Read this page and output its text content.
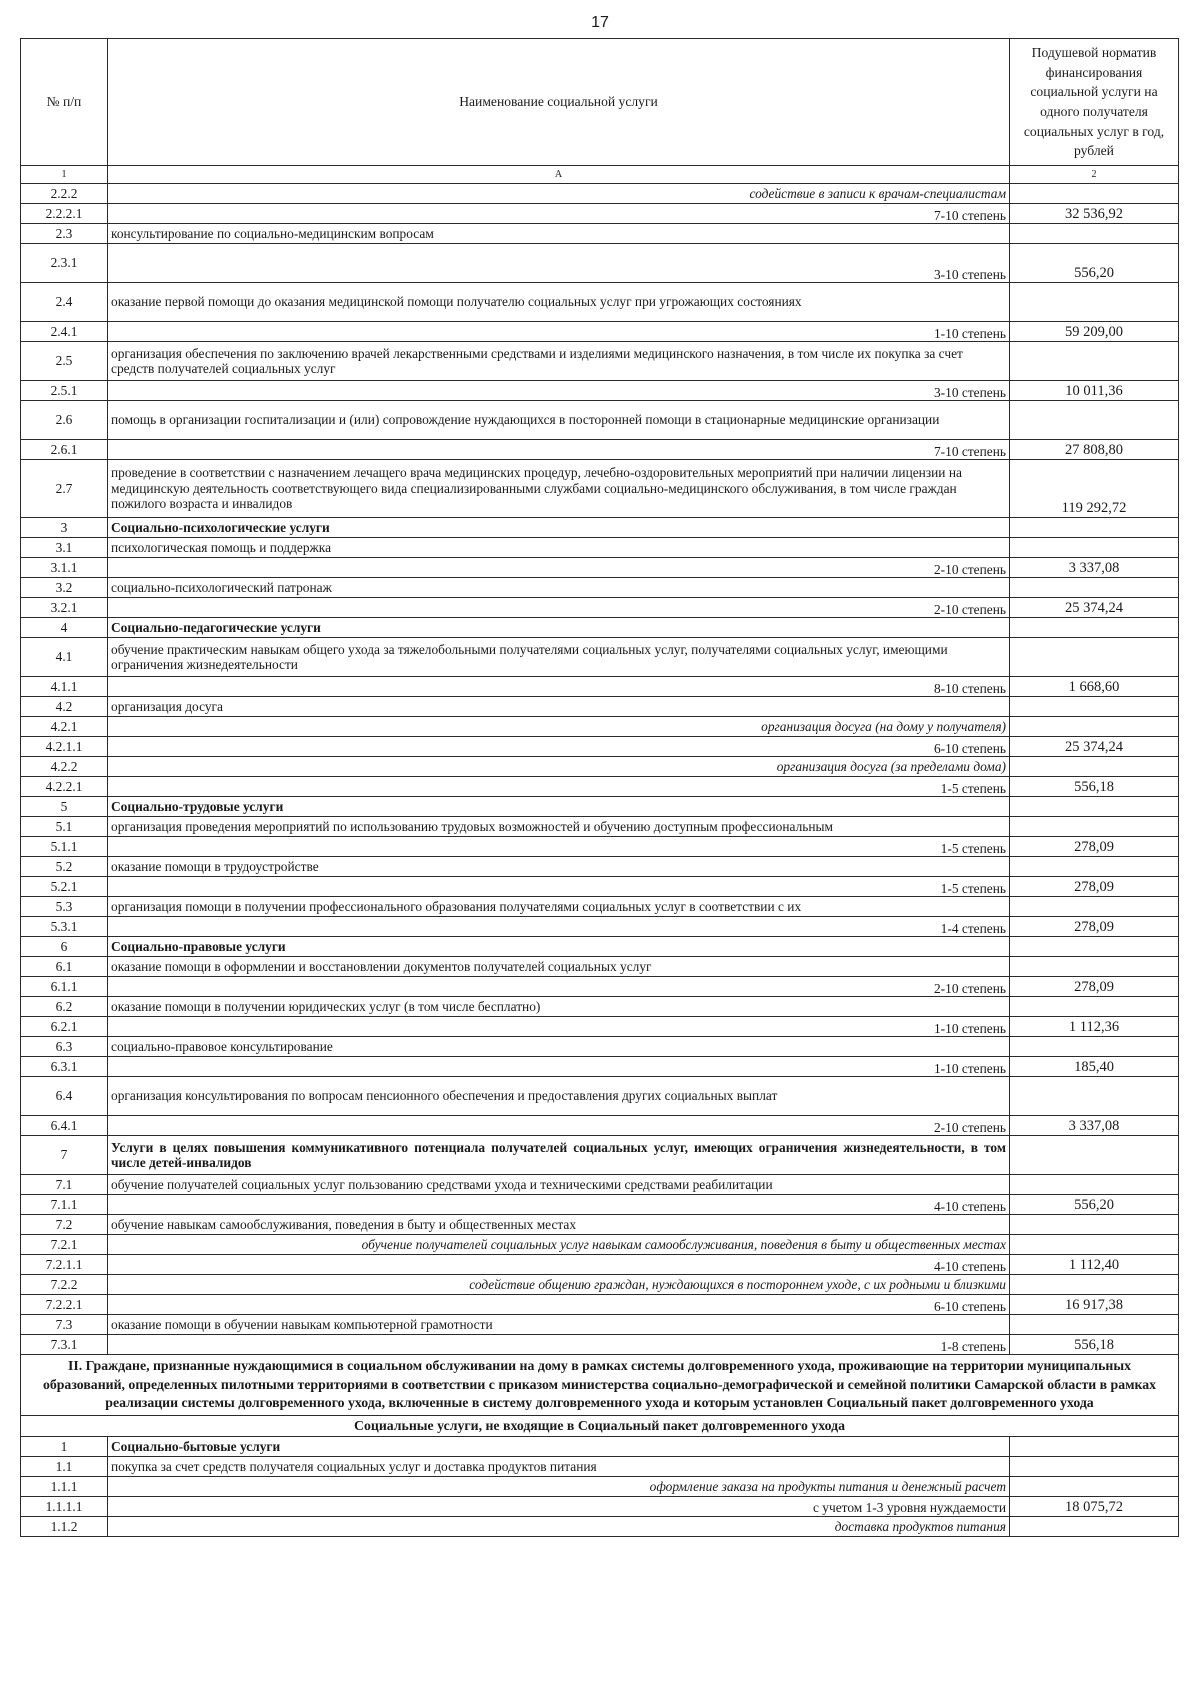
17
№ п/п	Наименование социальной услуги	Подушевой норматив финансирования социальной услуги на одного получателя социальных услуг в год, рублей
1	А	2
2.2.2	содействие в записи к врачам-специалистам	
2.2.2.1	7-10 степень	32 536,92
2.3	консультирование по социально-медицинским вопросам	
2.3.1	3-10 степень	556,20
2.4	оказание первой помощи до оказания медицинской помощи получателю социальных услуг при угрожающих состояниях	
2.4.1	1-10 степень	59 209,00
2.5	организация обеспечения по заключению врачей лекарственными средствами и изделиями медицинского назначения, в том числе их покупка за счет средств получателей социальных услуг	
2.5.1	3-10 степень	10 011,36
2.6	помощь в организации госпитализации и (или) сопровождение нуждающихся в посторонней помощи в стационарные медицинские организации	
2.6.1	7-10 степень	27 808,80
2.7	проведение в соответствии с назначением лечащего врача медицинских процедур, лечебно-оздоровительных мероприятий при наличии лицензии на медицинскую деятельность соответствующего вида специализированными службами социально-медицинского обслуживания, в том числе граждан пожилого возраста и инвалидов	119 292,72
3	Социально-психологические услуги	
3.1	психологическая помощь и поддержка	
3.1.1	2-10 степень	3 337,08
3.2	социально-психологический патронаж	
3.2.1	2-10 степень	25 374,24
4	Социально-педагогические услуги	
4.1	обучение практическим навыкам общего ухода за тяжелобольными получателями социальных услуг, получателями социальных услуг, имеющими ограничения жизнедеятельности	
4.1.1	8-10 степень	1 668,60
4.2	организация досуга	
4.2.1	организация досуга (на дому у получателя)	
4.2.1.1	6-10 степень	25 374,24
4.2.2	организация досуга (за пределами дома)	
4.2.2.1	1-5 степень	556,18
5	Социально-трудовые услуги	
5.1	организация проведения мероприятий по использованию трудовых возможностей и обучению доступным профессиональным	
5.1.1	1-5 степень	278,09
5.2	оказание помощи в трудоустройстве	
5.2.1	1-5 степень	278,09
5.3	организация помощи в получении профессионального образования получателями социальных услуг в соответствии с их	
5.3.1	1-4 степень	278,09
6	Социально-правовые услуги	
6.1	оказание помощи в оформлении и восстановлении документов получателей социальных услуг	
6.1.1	2-10 степень	278,09
6.2	оказание помощи в получении юридических услуг (в том числе бесплатно)	
6.2.1	1-10 степень	1 112,36
6.3	социально-правовое консультирование	
6.3.1	1-10 степень	185,40
6.4	организация консультирования по вопросам пенсионного обеспечения и предоставления других социальных выплат	
6.4.1	2-10 степень	3 337,08
7	Услуги в целях повышения коммуникативного потенциала получателей социальных услуг, имеющих ограничения жизнедеятельности, в том числе детей-инвалидов	
7.1	обучение получателей социальных услуг пользованию средствами ухода и техническими средствами реабилитации	
7.1.1	4-10 степень	556,20
7.2	обучение навыкам самообслуживания, поведения в быту и общественных местах	
7.2.1	обучение получателей социальных услуг навыкам самообслуживания, поведения в быту и общественных местах	
7.2.1.1	4-10 степень	1 112,40
7.2.2	содействие общению граждан, нуждающихся в постороннем уходе, с их родными и близкими	
7.2.2.1	6-10 степень	16 917,38
7.3	оказание помощи в обучении навыкам компьютерной грамотности	
7.3.1	1-8 степень	556,18
II. Граждане, признанные нуждающимися в социальном обслуживании на дому в рамках системы долговременного ухода, проживающие на территории муниципальных образований, определенных пилотными территориями в соответствии с приказом министерства социально-демографической и семейной политики Самарской области в рамках реализации системы долговременного ухода, включенные в систему долговременного ухода и которым установлен Социальный пакет долговременного ухода		
Социальные услуги, не входящие в Социальный пакет долговременного ухода		
1	Социально-бытовые услуги	
1.1	покупка за счет средств получателя социальных услуг и доставка продуктов питания	
1.1.1	оформление заказа на продукты питания и денежный расчет	
1.1.1.1	с учетом 1-3 уровня нуждаемости	18 075,72
1.1.2	доставка продуктов питания	
